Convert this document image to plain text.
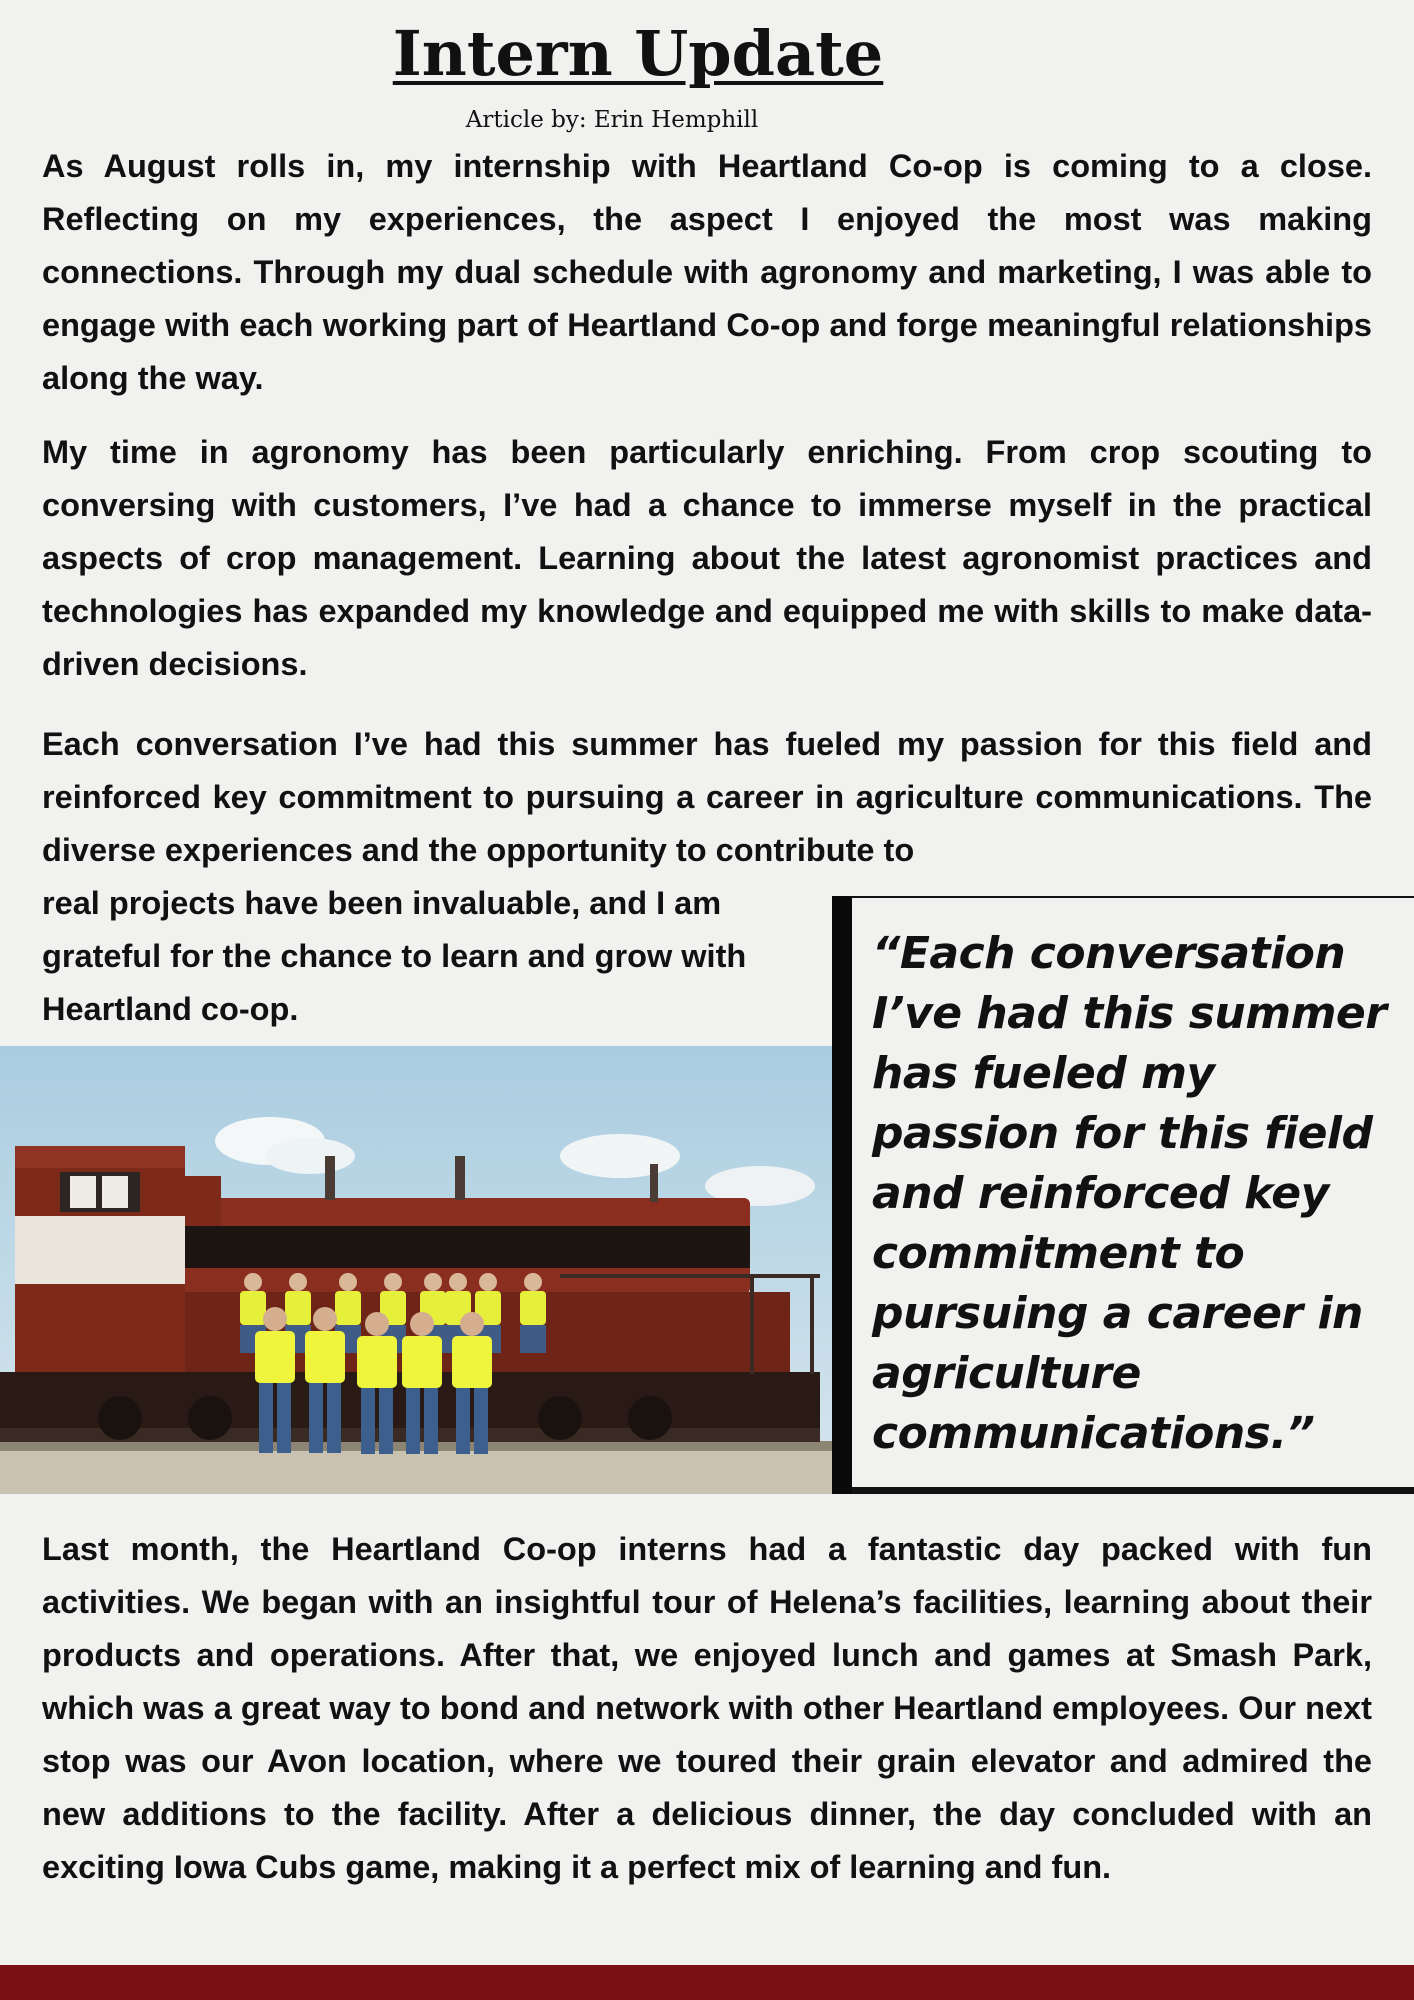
Intern Update
Article by: Erin Hemphill

As August rolls in, my internship with Heartland Co-op is coming to a close. Reflecting on my experiences, the aspect I enjoyed the most was making connections. Through my dual schedule with agronomy and marketing, I was able to engage with each working part of Heartland Co-op and forge meaningful relationships along the way.

My time in agronomy has been particularly enriching. From crop scouting to conversing with customers, I’ve had a chance to immerse myself in the practical aspects of crop management. Learning about the latest agronomist practices and technologies has expanded my knowledge and equipped me with skills to make data-driven decisions.

Each conversation I’ve had this summer has fueled my passion for this field and reinforced key commitment to pursuing a career in agriculture communications. The diverse experiences and the opportunity to contribute to

real projects have been invaluable, and I am grateful for the chance to learn and grow with Heartland co-op.

“Each conversation I’ve had this summer has fueled my passion for this field and reinforced key commitment to pursuing a career in agriculture communications.”

Last month, the Heartland Co-op interns had a fantastic day packed with fun activities. We began with an insightful tour of Helena’s facilities, learning about their products and operations. After that, we enjoyed lunch and games at Smash Park, which was a great way to bond and network with other Heartland employees. Our next stop was our Avon location, where we toured their grain elevator and admired the new additions to the facility. After a delicious dinner, the day concluded with an exciting Iowa Cubs game, making it a perfect mix of learning and fun.
